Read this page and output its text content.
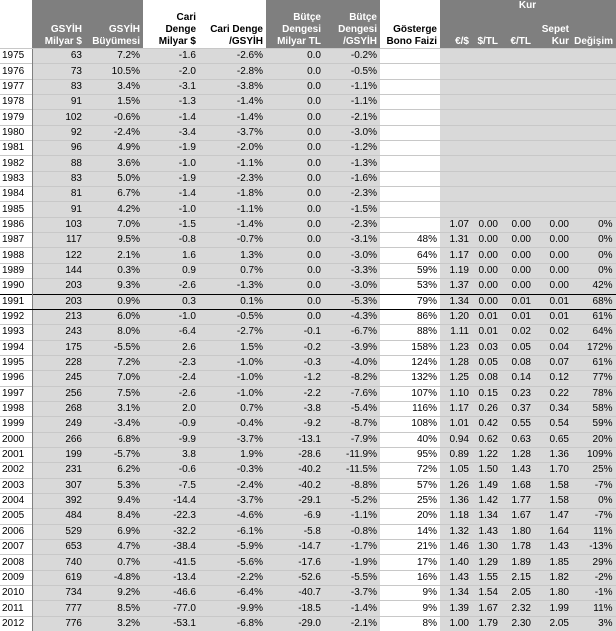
								Kur				
	GSYİH Milyar $	GSYİH Büyümesi	Cari Denge Milyar $	Cari Denge /GSYİH	Bütçe Dengesi Milyar TL	Bütçe Dengesi /GSYİH	Gösterge Bono Faizi	€/$	$/TL	€/TL	Sepet Kur	Değişim
1975	63	7.2%	-1.6	-2.6%	0.0	-0.2%						
1976	73	10.5%	-2.0	-2.8%	0.0	-0.5%						
1977	83	3.4%	-3.1	-3.8%	0.0	-1.1%						
1978	91	1.5%	-1.3	-1.4%	0.0	-1.1%						
1979	102	-0.6%	-1.4	-1.4%	0.0	-2.1%						
1980	92	-2.4%	-3.4	-3.7%	0.0	-3.0%						
1981	96	4.9%	-1.9	-2.0%	0.0	-1.2%						
1982	88	3.6%	-1.0	-1.1%	0.0	-1.3%						
1983	83	5.0%	-1.9	-2.3%	0.0	-1.6%						
1984	81	6.7%	-1.4	-1.8%	0.0	-2.3%						
1985	91	4.2%	-1.0	-1.1%	0.0	-1.5%						
1986	103	7.0%	-1.5	-1.4%	0.0	-2.3%		1.07	0.00	0.00	0.00	0%
1987	117	9.5%	-0.8	-0.7%	0.0	-3.1%	48%	1.31	0.00	0.00	0.00	0%
1988	122	2.1%	1.6	1.3%	0.0	-3.0%	64%	1.17	0.00	0.00	0.00	0%
1989	144	0.3%	0.9	0.7%	0.0	-3.3%	59%	1.19	0.00	0.00	0.00	0%
1990	203	9.3%	-2.6	-1.3%	0.0	-3.0%	53%	1.37	0.00	0.00	0.00	42%
1991	203	0.9%	0.3	0.1%	0.0	-5.3%	79%	1.34	0.00	0.01	0.01	68%
1992	213	6.0%	-1.0	-0.5%	0.0	-4.3%	86%	1.20	0.01	0.01	0.01	61%
1993	243	8.0%	-6.4	-2.7%	-0.1	-6.7%	88%	1.11	0.01	0.02	0.02	64%
1994	175	-5.5%	2.6	1.5%	-0.2	-3.9%	158%	1.23	0.03	0.05	0.04	172%
1995	228	7.2%	-2.3	-1.0%	-0.3	-4.0%	124%	1.28	0.05	0.08	0.07	61%
1996	245	7.0%	-2.4	-1.0%	-1.2	-8.2%	132%	1.25	0.08	0.14	0.12	77%
1997	256	7.5%	-2.6	-1.0%	-2.2	-7.6%	107%	1.10	0.15	0.23	0.22	78%
1998	268	3.1%	2.0	0.7%	-3.8	-5.4%	116%	1.17	0.26	0.37	0.34	58%
1999	249	-3.4%	-0.9	-0.4%	-9.2	-8.7%	108%	1.01	0.42	0.55	0.54	59%
2000	266	6.8%	-9.9	-3.7%	-13.1	-7.9%	40%	0.94	0.62	0.63	0.65	20%
2001	199	-5.7%	3.8	1.9%	-28.6	-11.9%	95%	0.89	1.22	1.28	1.36	109%
2002	231	6.2%	-0.6	-0.3%	-40.2	-11.5%	72%	1.05	1.50	1.43	1.70	25%
2003	307	5.3%	-7.5	-2.4%	-40.2	-8.8%	57%	1.26	1.49	1.68	1.58	-7%
2004	392	9.4%	-14.4	-3.7%	-29.1	-5.2%	25%	1.36	1.42	1.77	1.58	0%
2005	484	8.4%	-22.3	-4.6%	-6.9	-1.1%	20%	1.18	1.34	1.67	1.47	-7%
2006	529	6.9%	-32.2	-6.1%	-5.8	-0.8%	14%	1.32	1.43	1.80	1.64	11%
2007	653	4.7%	-38.4	-5.9%	-14.7	-1.7%	21%	1.46	1.30	1.78	1.43	-13%
2008	740	0.7%	-41.5	-5.6%	-17.6	-1.9%	17%	1.40	1.29	1.89	1.85	29%
2009	619	-4.8%	-13.4	-2.2%	-52.6	-5.5%	16%	1.43	1.55	2.15	1.82	-2%
2010	734	9.2%	-46.6	-6.4%	-40.7	-3.7%	9%	1.34	1.54	2.05	1.80	-1%
2011	777	8.5%	-77.0	-9.9%	-18.5	-1.4%	9%	1.39	1.67	2.32	1.99	11%
2012	776	3.2%	-53.1	-6.8%	-29.0	-2.1%	8%	1.00	1.79	2.30	2.05	3%
